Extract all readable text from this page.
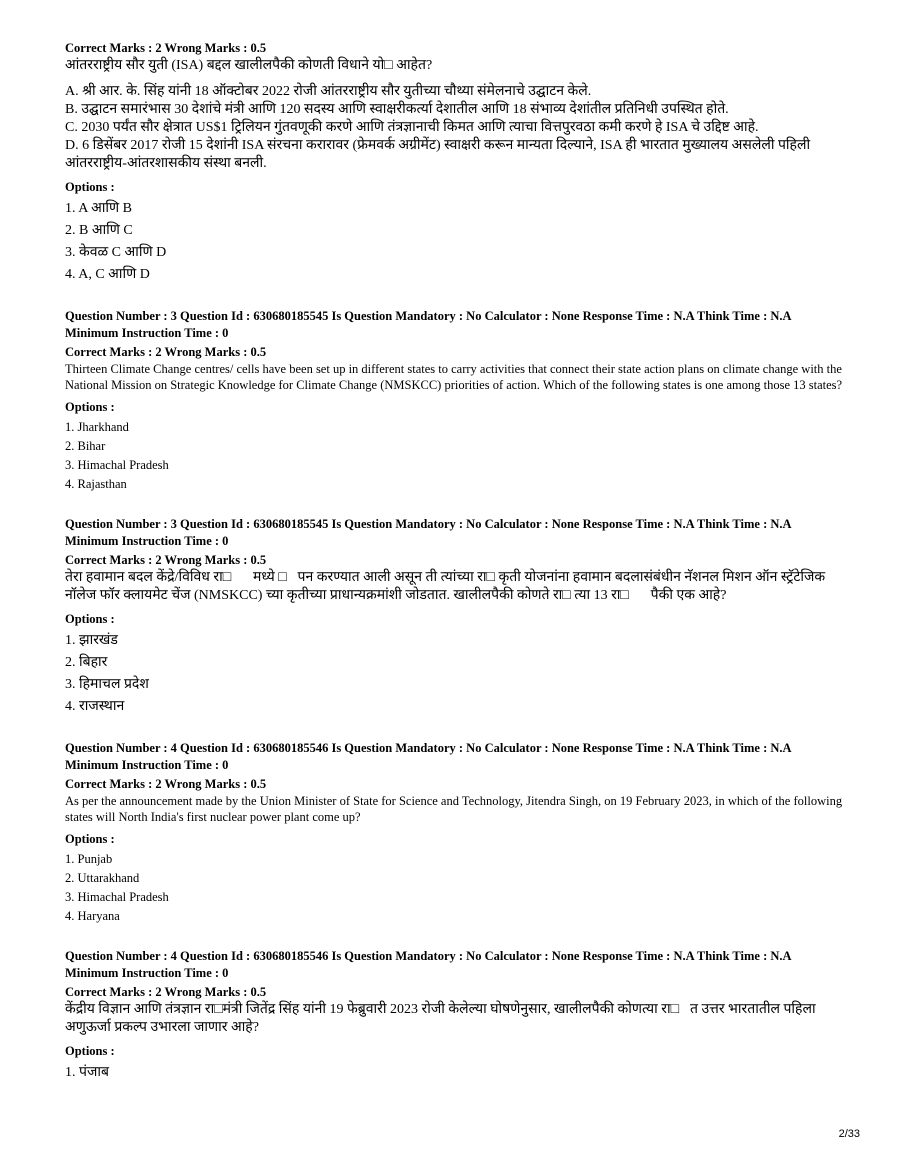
Correct Marks : 2 Wrong Marks : 0.5

आंतरराष्ट्रीय सौर युती (ISA) बद्दल खालीलपैकी कोणती विधाने यो□ आहेत?

A. श्री आर. के. सिंह यांनी 18 ऑक्टोबर 2022 रोजी आंतरराष्ट्रीय सौर युतीच्या चौथ्या संमेलनाचे उद्घाटन केले.

B. उद्घाटन समारंभास 30 देशांचे मंत्री आणि 120 सदस्य आणि स्वाक्षरीकर्त्या देशातील आणि 18 संभाव्य देशांतील प्रतिनिधी उपस्थित होते.

C. 2030 पर्यंत सौर क्षेत्रात US$1 ट्रिलियन गुंतवणूकी करणे आणि तंत्रज्ञानाची किमत आणि त्याचा वित्तपुरवठा कमी करणे हे ISA चे उद्दिष्ट आहे.

D. 6 डिसेंबर 2017 रोजी 15 देशांनी ISA संरचना करारावर (फ्रेमवर्क अग्रीमेंट) स्वाक्षरी करून मान्यता दिल्याने, ISA ही भारतात मुख्यालय असलेली पहिली आंतरराष्ट्रीय-आंतरशासकीय संस्था बनली.

Options :

1. A आणि B

2. B आणि C

3. केवळ C आणि D

4. A, C आणि D

Question Number : 3 Question Id : 630680185545 Is Question Mandatory : No Calculator : None Response Time : N.A Think Time : N.A Minimum Instruction Time : 0

Correct Marks : 2 Wrong Marks : 0.5

Thirteen Climate Change centres/ cells have been set up in different states to carry activities that connect their state action plans on climate change with the National Mission on Strategic Knowledge for Climate Change (NMSKCC) priorities of action. Which of the following states is one among those 13 states?

Options :

1. Jharkhand

2. Bihar

3. Himachal Pradesh

4. Rajasthan

Question Number : 3 Question Id : 630680185545 Is Question Mandatory : No Calculator : None Response Time : N.A Think Time : N.A Minimum Instruction Time : 0

Correct Marks : 2 Wrong Marks : 0.5

तेरा हवामान बदल केंद्रे/विविध रा□ांमध्ये □ापन करण्यात आली असून ती त्यांच्या रा□ कृती योजनांना हवामान बदलासंबंधीन नॅशनल मिशन ऑन स्ट्रॅटेजिक नॉलेज फॉर क्लायमेट चेंज (NMSKCC) च्या कृतीच्या प्राधान्यक्रमांशी जोडतात. खालीलपैकी कोणते रा□ त्या 13 रा□ांपैकी एक आहे?

Options :

1. झारखंड

2. बिहार

3. हिमाचल प्रदेश

4. राजस्थान

Question Number : 4 Question Id : 630680185546 Is Question Mandatory : No Calculator : None Response Time : N.A Think Time : N.A Minimum Instruction Time : 0

Correct Marks : 2 Wrong Marks : 0.5

As per the announcement made by the Union Minister of State for Science and Technology, Jitendra Singh, on 19 February 2023, in which of the following states will North India's first nuclear power plant come up?

Options :

1. Punjab

2. Uttarakhand

3. Himachal Pradesh

4. Haryana

Question Number : 4 Question Id : 630680185546 Is Question Mandatory : No Calculator : None Response Time : N.A Think Time : N.A Minimum Instruction Time : 0

Correct Marks : 2 Wrong Marks : 0.5

केंद्रीय विज्ञान आणि तंत्रज्ञान रा□मंत्री जितेंद्र सिंह यांनी 19 फेब्रुवारी 2023 रोजी केलेल्या घोषणेनुसार, खालीलपैकी कोणत्या रा□ात उत्तर भारतातील पहिला अणुऊर्जा प्रकल्प उभारला जाणार आहे?

Options :

1. पंजाब

2/33
